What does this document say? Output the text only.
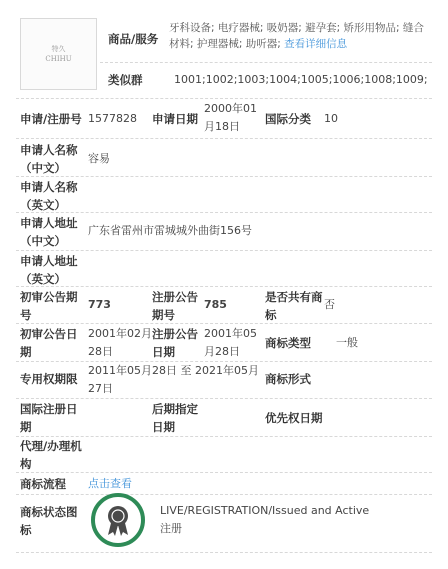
特久
CHIHU
商品/服务
牙科设备; 电疗器械; 吸奶器; 避孕套; 矫形用物品; 缝合材料; 护理器械; 助听器; 查看详细信息
类似群	1001;1002;1003;1004;1005;1006;1008;1009;
申请/注册号 1577828 申请日期
2000年01月18日
国际分类 10
申请人名称（中文）
容易
申请人名称（英文）
申请人地址（中文）
广东省雷州市雷城城外曲街156号
申请人地址（英文）
初审公告期号
773
注册公告期号
785
是否共有商标
否
初审公告日期
2001年02月28日
注册公告日期
2001年05月28日
商标类型 一般
专用权期限
2011年05月28日 至 2021年05月27日
商标形式
国际注册日期
后期指定日期
优先权日期
代理/办理机构
商标流程 点击查看
商标状态图标
LIVE/REGISTRATION/Issued and Active
注册
